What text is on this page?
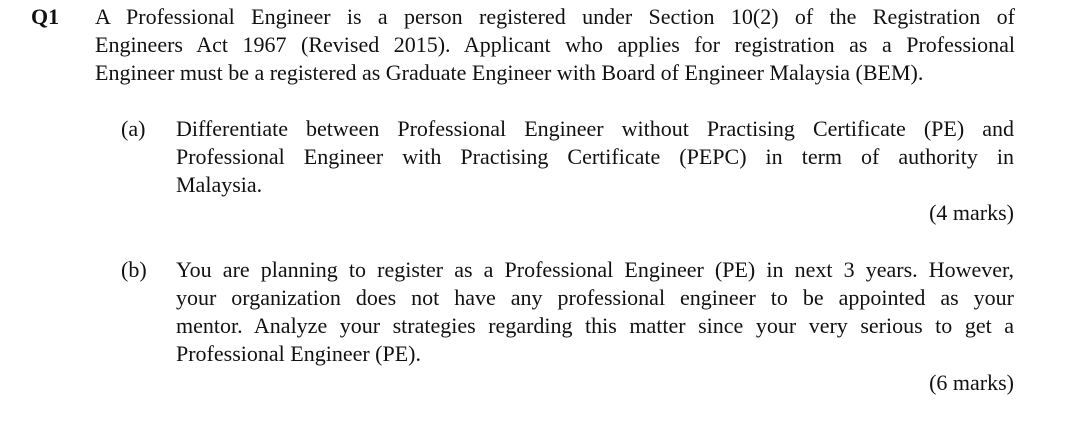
Q1 A Professional Engineer is a person registered under Section 10(2) of the Registration of
Engineers Act 1967 (Revised 2015). Applicant who applies for registration as a Professional
Engineer must be a registered as Graduate Engineer with Board of Engineer Malaysia (BEM).
(a) Differentiate between Professional Engineer without Practising Certificate (PE) and
Professional Engineer with Practising Certificate (PEPC) in term of authority in
Malaysia.
(4 marks)
(b) You are planning to register as a Professional Engineer (PE) in next 3 years. However,
your organization does not have any professional engineer to be appointed as your
mentor. Analyze your strategies regarding this matter since your very serious to get a
Professional Engineer (PE).
(6 marks)
